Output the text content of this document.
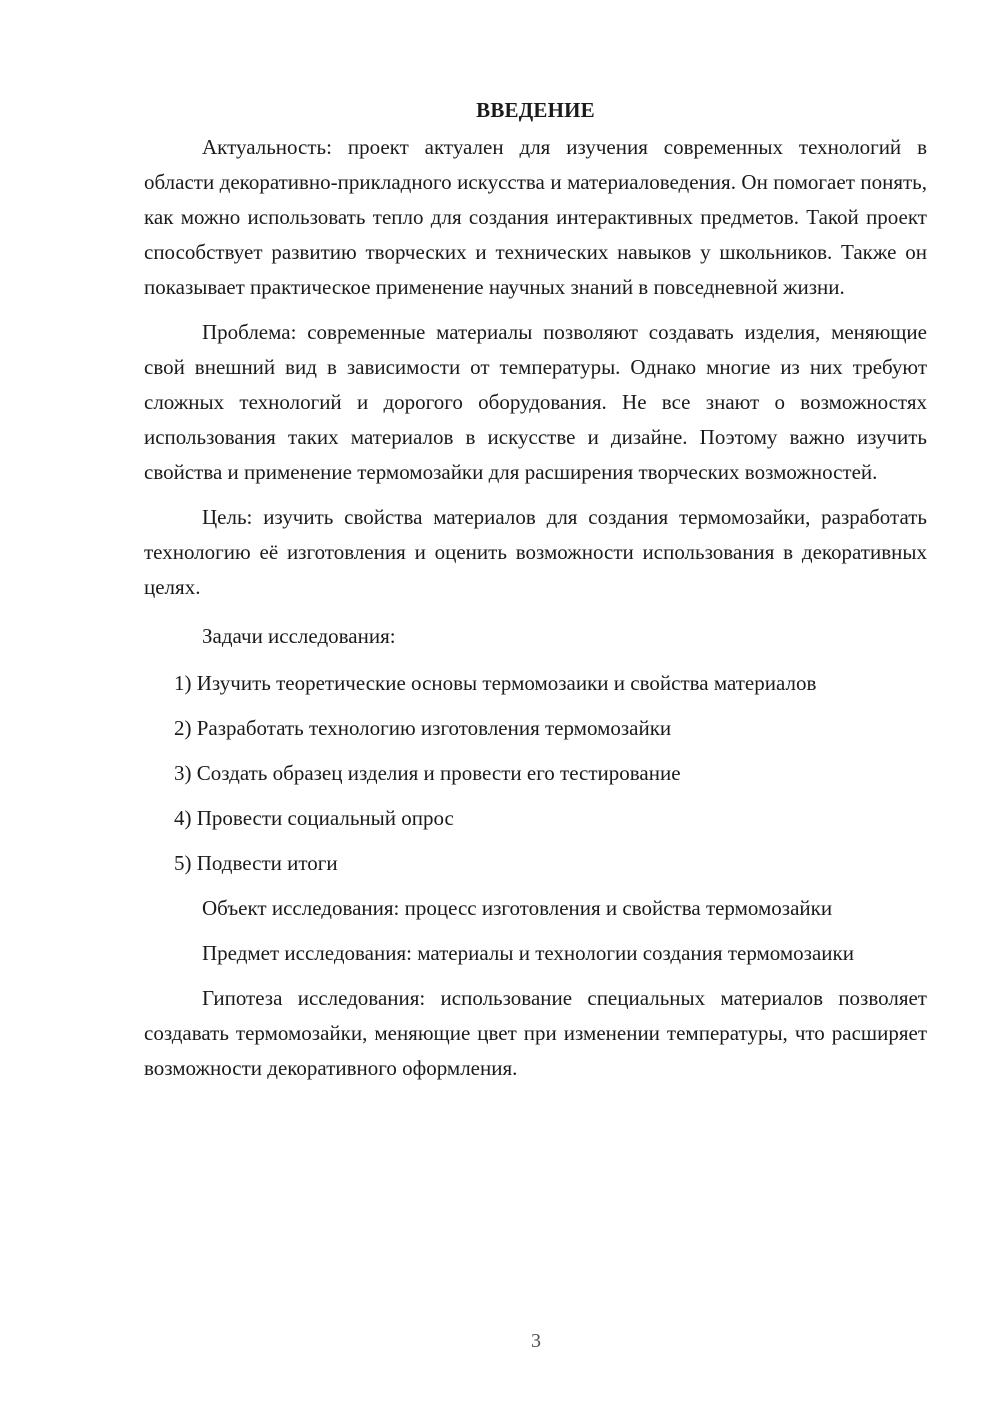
ВВЕДЕНИЕ

Актуальность: проект актуален для изучения современных технологий в области декоративно-прикладного искусства и материаловедения. Он помогает понять, как можно использовать тепло для создания интерактивных предметов. Такой проект способствует развитию творческих и технических навыков у школьников. Также он показывает практическое применение научных знаний в повседневной жизни.

Проблема: современные материалы позволяют создавать изделия, меняющие свой внешний вид в зависимости от температуры. Однако многие из них требуют сложных технологий и дорогого оборудования. Не все знают о возможностях использования таких материалов в искусстве и дизайне. Поэтому важно изучить свойства и применение термомозайки для расширения творческих возможностей.

Цель: изучить свойства материалов для создания термомозайки, разработать технологию её изготовления и оценить возможности использования в декоративных целях.

Задачи исследования:

1) Изучить теоретические основы термомозаики и свойства материалов

2) Разработать технологию изготовления термомозайки

3) Создать образец изделия и провести его тестирование

4) Провести социальный опрос

5) Подвести итоги

Объект исследования: процесс изготовления и свойства термомозайки

Предмет исследования: материалы и технологии создания термомозаики

Гипотеза исследования: использование специальных материалов позволяет создавать термомозайки, меняющие цвет при изменении температуры, что расширяет возможности декоративного оформления.

3
